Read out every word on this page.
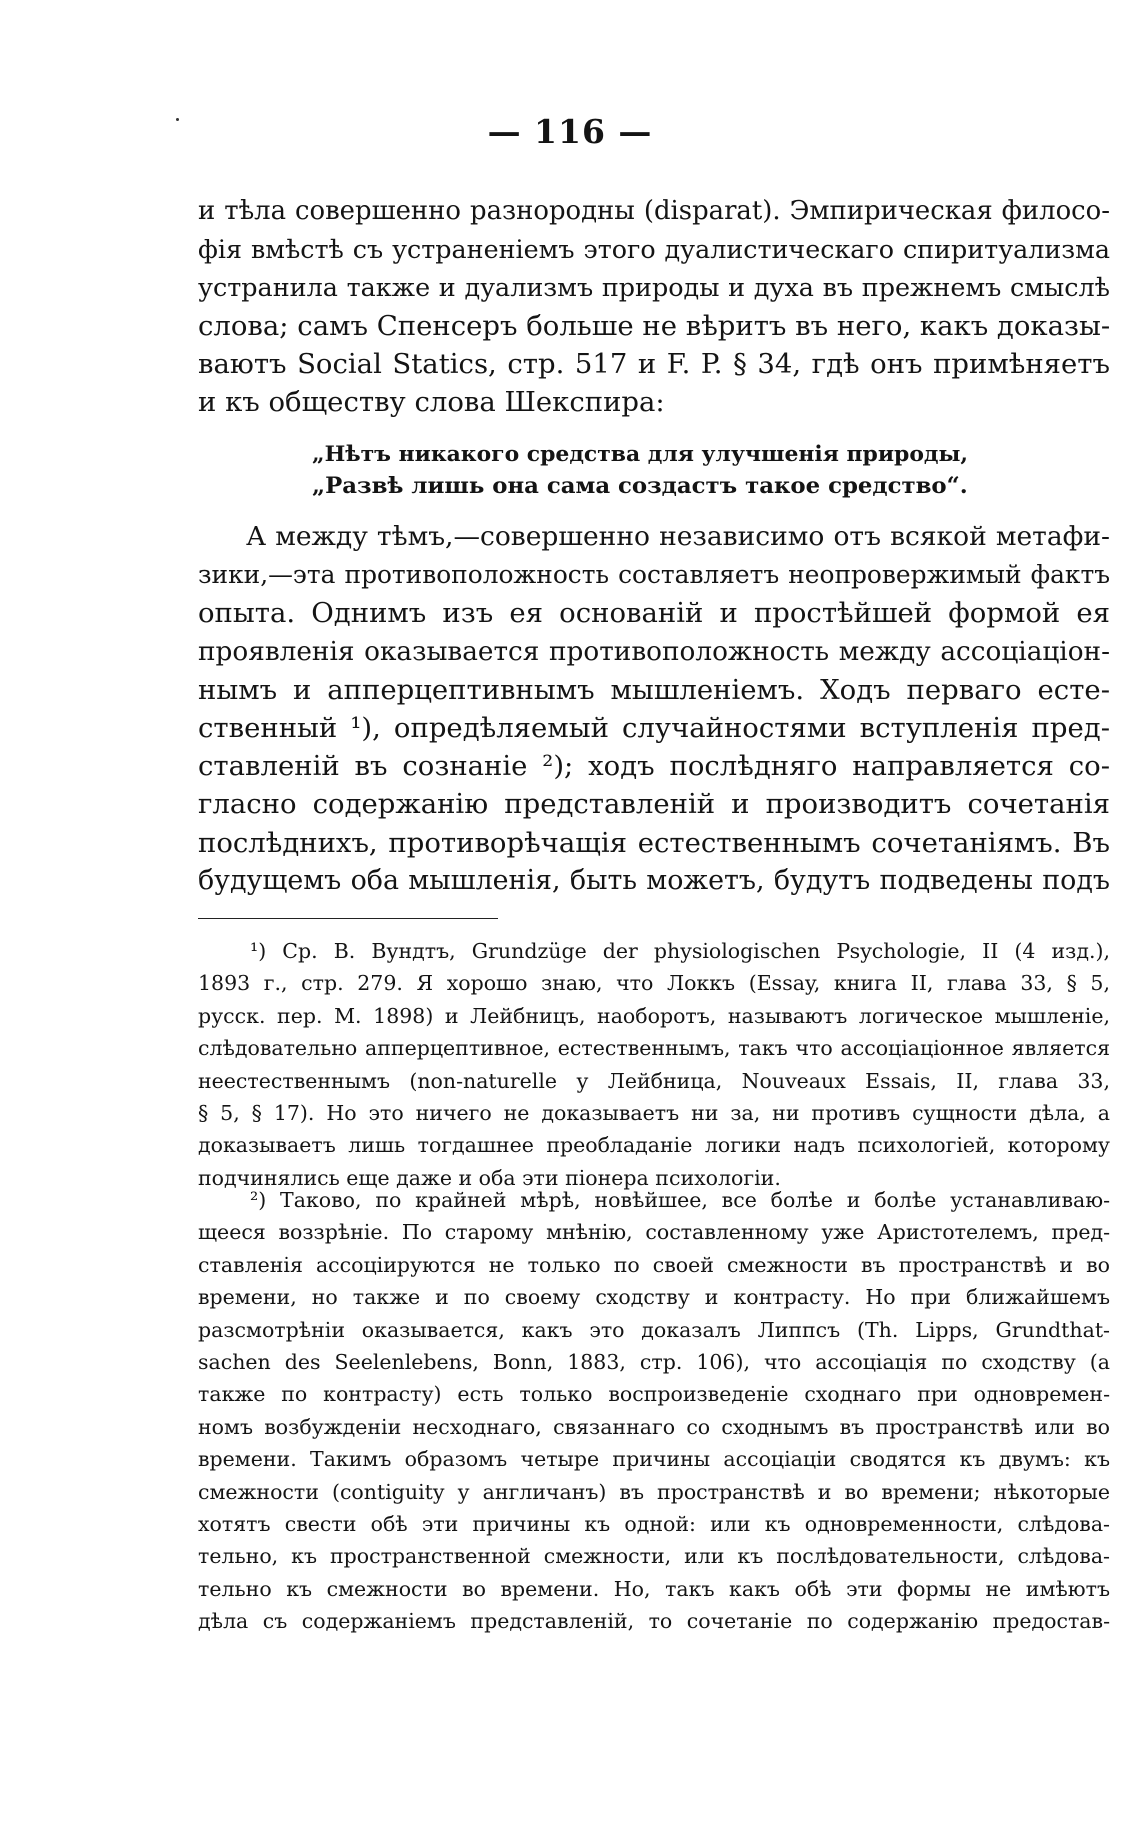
— 116 —
и тѣла совершенно разнородны (disparat). Эмпирическая филосо-
фія вмѣстѣ съ устраненіемъ этого дуалистическаго спиритуализма
устранила также и дуализмъ природы и духа въ прежнемъ смыслѣ
слова; самъ Спенсеръ больше не вѣритъ въ него, какъ доказы-
ваютъ Social Statics, стр. 517 и F. P. § 34, гдѣ онъ примѣняетъ
и къ обществу слова Шекспира:
„Нѣтъ никакого средства для улучшенія природы,
„Развѣ лишь она сама создастъ такое средство“.
А между тѣмъ,—совершенно независимо отъ всякой метафи-
зики,—эта противоположность составляетъ неопровержимый фактъ
опыта. Однимъ изъ ея основаній и простѣйшей формой ея
проявленія оказывается противоположность между ассоціаціон-
нымъ и апперцептивнымъ мышленіемъ. Ходъ перваго есте-
ственный ¹), опредѣляемый случайностями вступленія пред-
ставленій въ сознаніе ²); ходъ послѣдняго направляется со-
гласно содержанію представленій и производитъ сочетанія
послѣднихъ, противорѣчащія естественнымъ сочетаніямъ. Въ
будущемъ оба мышленія, быть можетъ, будутъ подведены подъ
¹) Ср. В. Вундтъ, Grundzüge der physiologischen Psychologie, II (4 изд.),
1893 г., стр. 279. Я хорошо знаю, что Локкъ (Essay, книга II, глава 33, § 5,
русск. пер. М. 1898) и Лейбницъ, наоборотъ, называютъ логическое мышленіе,
слѣдовательно апперцептивное, естественнымъ, такъ что ассоціаціонное является
неестественнымъ (non-naturelle у Лейбница, Nouveaux Essais, II, глава 33,
§ 5, § 17). Но это ничего не доказываетъ ни за, ни противъ сущности дѣла, а
доказываетъ лишь тогдашнее преобладаніе логики надъ психологіей, которому
подчинялись еще даже и оба эти піонера психологіи.
²) Таково, по крайней мѣрѣ, новѣйшее, все болѣе и болѣе устанавливаю-
щееся воззрѣніе. По старому мнѣнію, составленному уже Аристотелемъ, пред-
ставленія ассоціируются не только по своей смежности въ пространствѣ и во
времени, но также и по своему сходству и контрасту. Но при ближайшемъ
разсмотрѣніи оказывается, какъ это доказалъ Липпсъ (Th. Lipps, Grundthat-
sachen des Seelenlebens, Bonn, 1883, стр. 106), что ассоціація по сходству (а
также по контрасту) есть только воспроизведеніе сходнаго при одновремен-
номъ возбужденіи несходнаго, связаннаго со сходнымъ въ пространствѣ или во
времени. Такимъ образомъ четыре причины ассоціаціи сводятся къ двумъ: къ
смежности (contiguity у англичанъ) въ пространствѣ и во времени; нѣкоторые
хотятъ свести обѣ эти причины къ одной: или къ одновременности, слѣдова-
тельно, къ пространственной смежности, или къ послѣдовательности, слѣдова-
тельно къ смежности во времени. Но, такъ какъ обѣ эти формы не имѣютъ
дѣла съ содержаніемъ представленій, то сочетаніе по содержанію предостав-
